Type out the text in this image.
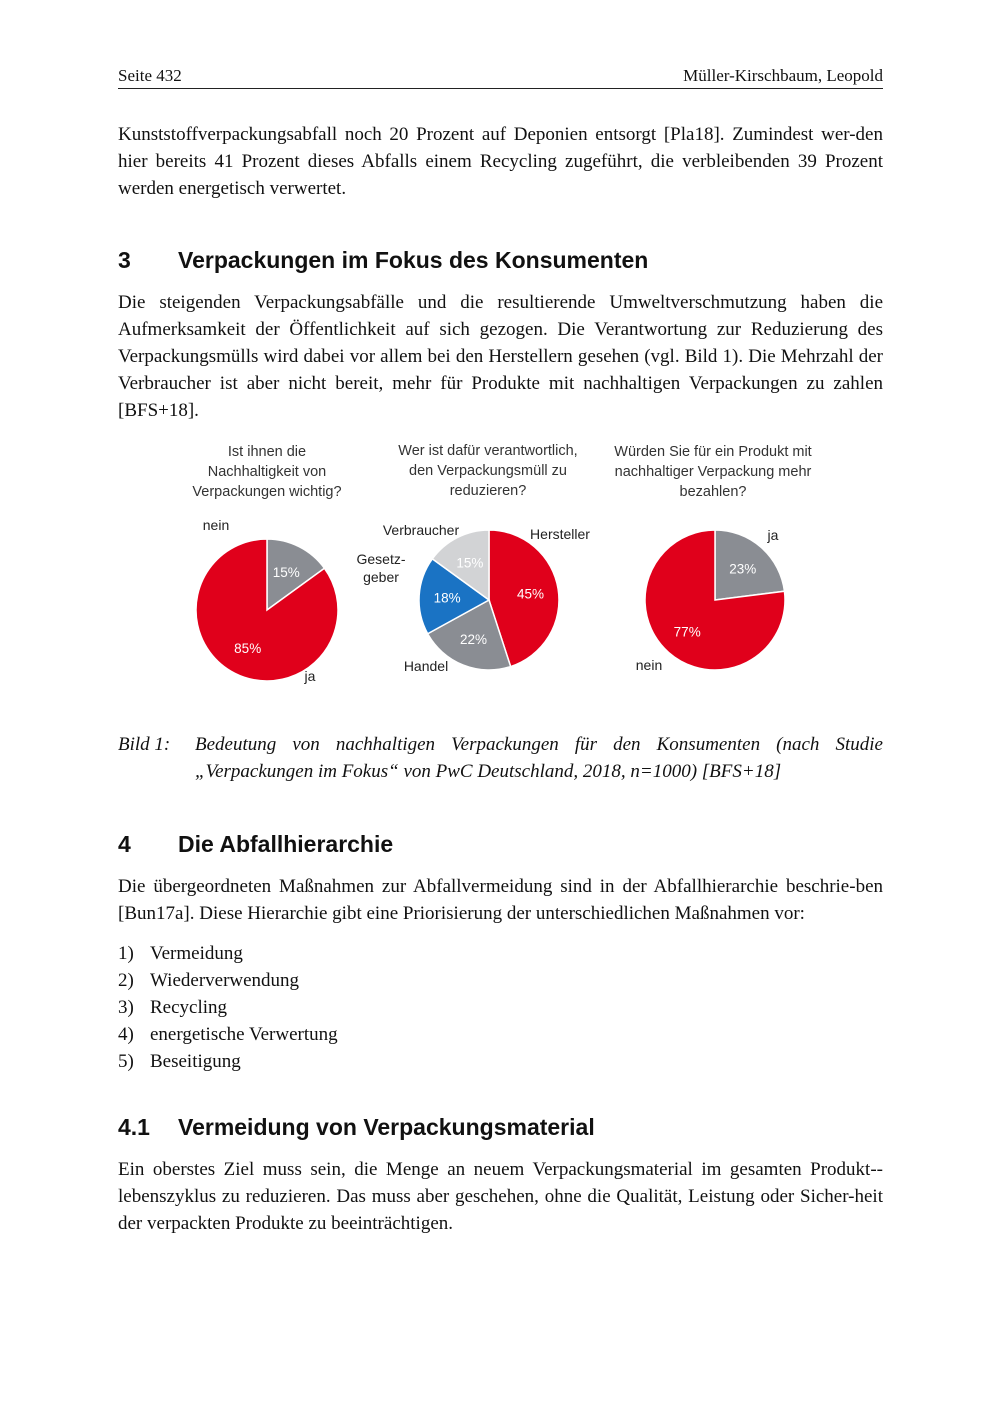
Seite 432	Müller-Kirschbaum, Leopold

Kunststoffverpackungsabfall noch 20 Prozent auf Deponien entsorgt [Pla18]. Zumindest wer-den hier bereits 41 Prozent dieses Abfalls einem Recycling zugeführt, die verbleibenden 39 Prozent werden energetisch verwertet.

3 Verpackungen im Fokus des Konsumenten

Die steigenden Verpackungsabfälle und die resultierende Umweltverschmutzung haben die Aufmerksamkeit der Öffentlichkeit auf sich gezogen. Die Verantwortung zur Reduzierung des Verpackungsmülls wird dabei vor allem bei den Herstellern gesehen (vgl. Bild 1). Die Mehrzahl der Verbraucher ist aber nicht bereit, mehr für Produkte mit nachhaltigen Verpackungen zu zahlen [BFS+18].

Ist ihnen die
Nachhaltigkeit von
Verpackungen wichtig?
15%
nein
85%
ja
Wer ist dafür verantwortlich,
den Verpackungsmüll zu
reduzieren?
45%
Hersteller
22%
Handel
18%
Gesetz-
geber
15%
Verbraucher
Würden Sie für ein Produkt mit
nachhaltiger Verpackung mehr
bezahlen?
23%
ja
77%
nein
Bild 1: Bedeutung von nachhaltigen Verpackungen für den Konsumenten (nach Studie „Verpackungen im Fokus“ von PwC Deutschland, 2018, n=1000) [BFS+18]
4 Die Abfallhierarchie

Die übergeordneten Maßnahmen zur Abfallvermeidung sind in der Abfallhierarchie beschrie-ben [Bun17a]. Diese Hierarchie gibt eine Priorisierung der unterschiedlichen Maßnahmen vor:

1) Vermeidung
2) Wiederverwendung
3) Recycling
4) energetische Verwertung
5) Beseitigung
4.1 Vermeidung von Verpackungsmaterial

Ein oberstes Ziel muss sein, die Menge an neuem Verpackungsmaterial im gesamten Produkt-lebenszyklus zu reduzieren. Das muss aber geschehen, ohne die Qualität, Leistung oder Sicher-heit der verpackten Produkte zu beeinträchtigen.
